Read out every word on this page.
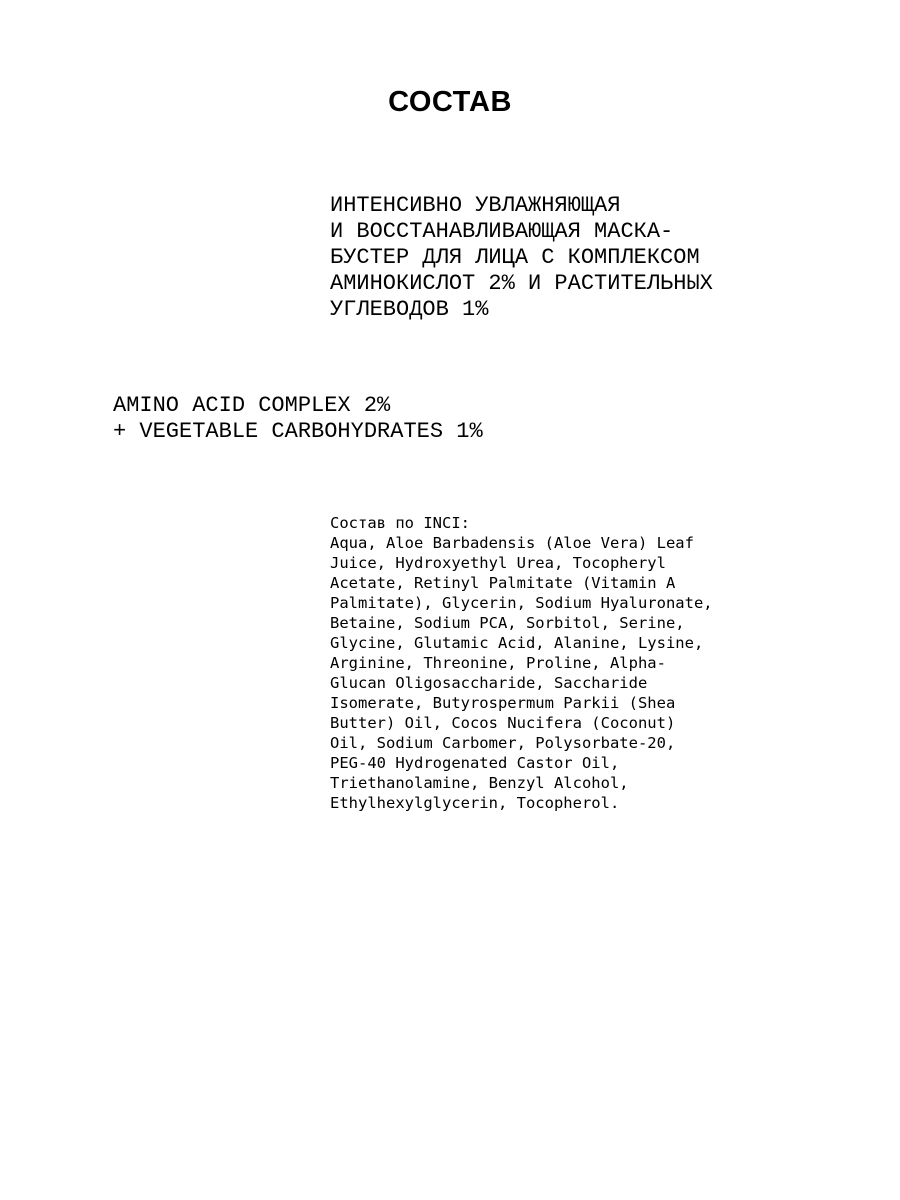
СОСТАВ
ИНТЕНСИВНО УВЛАЖНЯЮЩАЯ
И ВОССТАНАВЛИВАЮЩАЯ МАСКА-
БУСТЕР ДЛЯ ЛИЦА С КОМПЛЕКСОМ
АМИНОКИСЛОТ 2% И РАСТИТЕЛЬНЫХ
УГЛЕВОДОВ 1%
AMINO ACID COMPLEX 2%
+ VEGETABLE CARBOHYDRATES 1%
Состав по INCI:
Aqua, Aloe Barbadensis (Aloe Vera) Leaf
Juice, Hydroxyethyl Urea, Tocopheryl
Acetate, Retinyl Palmitate (Vitamin A
Palmitate), Glycerin, Sodium Hyaluronate,
Betaine, Sodium PCA, Sorbitol, Serine,
Glycine, Glutamic Acid, Alanine, Lysine,
Arginine, Threonine, Proline, Alpha-
Glucan Oligosaccharide, Saccharide
Isomerate, Butyrospermum Parkii (Shea
Butter) Oil, Cocos Nucifera (Coconut)
Oil, Sodium Carbomer, Polysorbate-20,
PEG-40 Hydrogenated Castor Oil,
Triethanolamine, Benzyl Alcohol,
Ethylhexylglycerin, Tocopherol.
